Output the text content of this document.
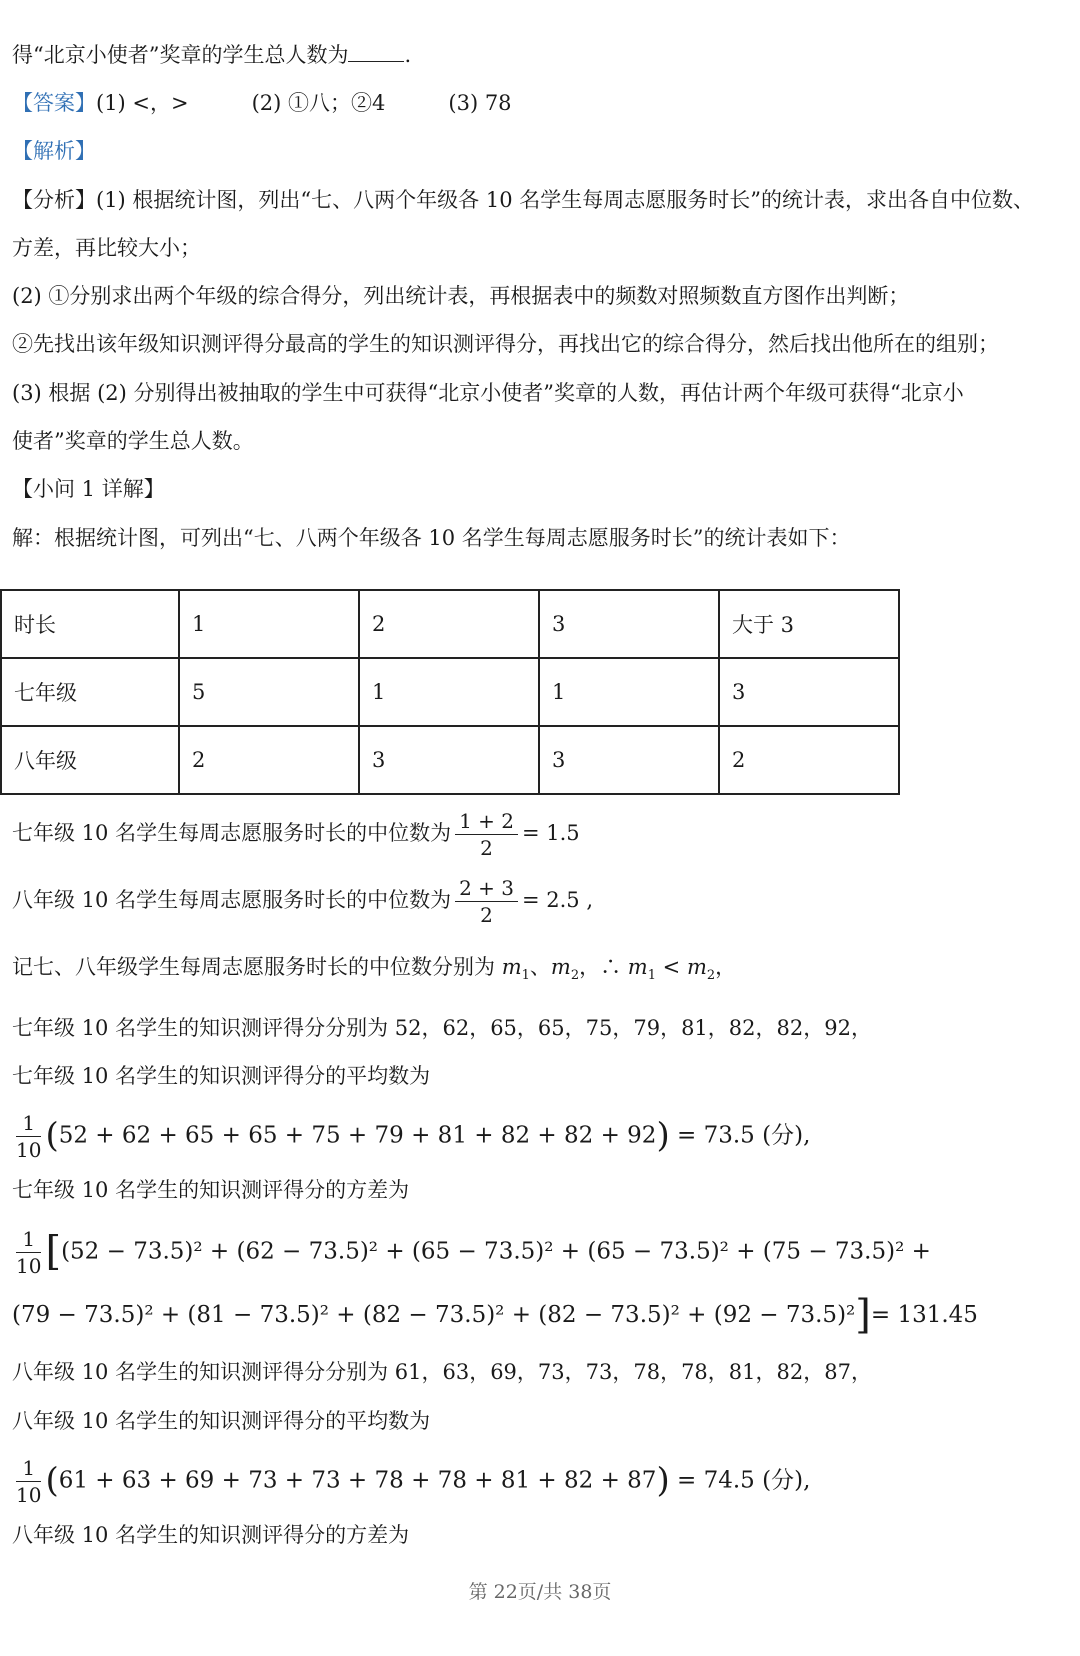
得“北京小使者”奖章的学生总人数为	.
【答案】(1) <，>　　　(2) ①八；②4　　　(3) 78
【解析】
【分析】(1) 根据统计图，列出“七、八两个年级各 10 名学生每周志愿服务时长”的统计表，求出各自中位数、
方差，再比较大小；
(2) ①分别求出两个年级的综合得分，列出统计表，再根据表中的频数对照频数直方图作出判断；
②先找出该年级知识测评得分最高的学生的知识测评得分，再找出它的综合得分，然后找出他所在的组别；
(3) 根据 (2) 分别得出被抽取的学生中可获得“北京小使者”奖章的人数，再估计两个年级可获得“北京小
使者”奖章的学生总人数。
【小问 1 详解】
解：根据统计图，可列出“七、八两个年级各 10 名学生每周志愿服务时长”的统计表如下：
时长	1	2	3	大于 3
七年级	5	1	1	3
八年级	2	3	3	2
七年级 10 名学生每周志愿服务时长的中位数为 $\frac{1 + 2}{2} = 1.5$
八年级 10 名学生每周志愿服务时长的中位数为 $\frac{2 + 3}{2} = 2.5$ ,
记七、八年级学生每周志愿服务时长的中位数分别为 $m_1$、$m_2$，∴ $m_1 < m_2$，
七年级 10 名学生的知识测评得分分别为 52，62，65，65，75，79，81，82，82，92，
七年级 10 名学生的知识测评得分的平均数为
$\frac{1}{10} (52 + 62 + 65 + 65 + 75 + 79 + 81 + 82 + 82 + 92) = 73.5$ (分),
七年级 10 名学生的知识测评得分的方差为
$\frac{1}{10} [(52 - 73.5)^2 + (62 - 73.5)^2 + (65 - 73.5)^2 + (65 - 73.5)^2 + (75 - 73.5)^2$ +
(79 − 73.5)² + (81 − 73.5)² + (82 − 73.5)² + (82 − 73.5)² + (92 − 73.5)²]= 131.45
八年级 10 名学生的知识测评得分分别为 61，63，69，73，73，78，78，81，82，87，
八年级 10 名学生的知识测评得分的平均数为
$\frac{1}{10} (61 + 63 + 69 + 73 + 73 + 78 + 78 + 81 + 82 + 87) = 74.5$ (分),
八年级 10 名学生的知识测评得分的方差为
第 22页/共 38页
